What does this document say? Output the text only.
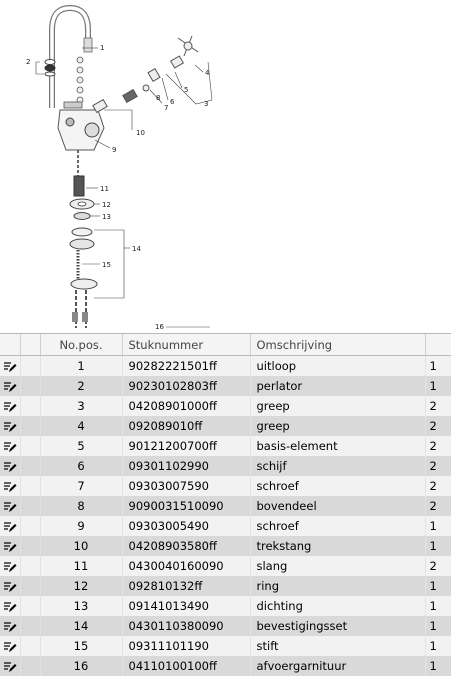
1
2
3
4
5
6
7
8
9
10
11
12
13
14
15
16
		No.pos.	Stuknummer	Omschrijving	
		1	90282221501ff	uitloop	1
		2	90230102803ff	perlator	1
		3	04208901000ff	greep	2
		4	092089010ff	greep	2
		5	90121200700ff	basis-element	2
		6	09301102990	schijf	2
		7	09303007590	schroef	2
		8	9090031510090	bovendeel	2
		9	09303005490	schroef	1
		10	04208903580ff	trekstang	1
		11	0430040160090	slang	2
		12	092810132ff	ring	1
		13	09141013490	dichting	1
		14	0430110380090	bevestigingsset	1
		15	09311101190	stift	1
		16	04110100100ff	afvoergarnituur	1
